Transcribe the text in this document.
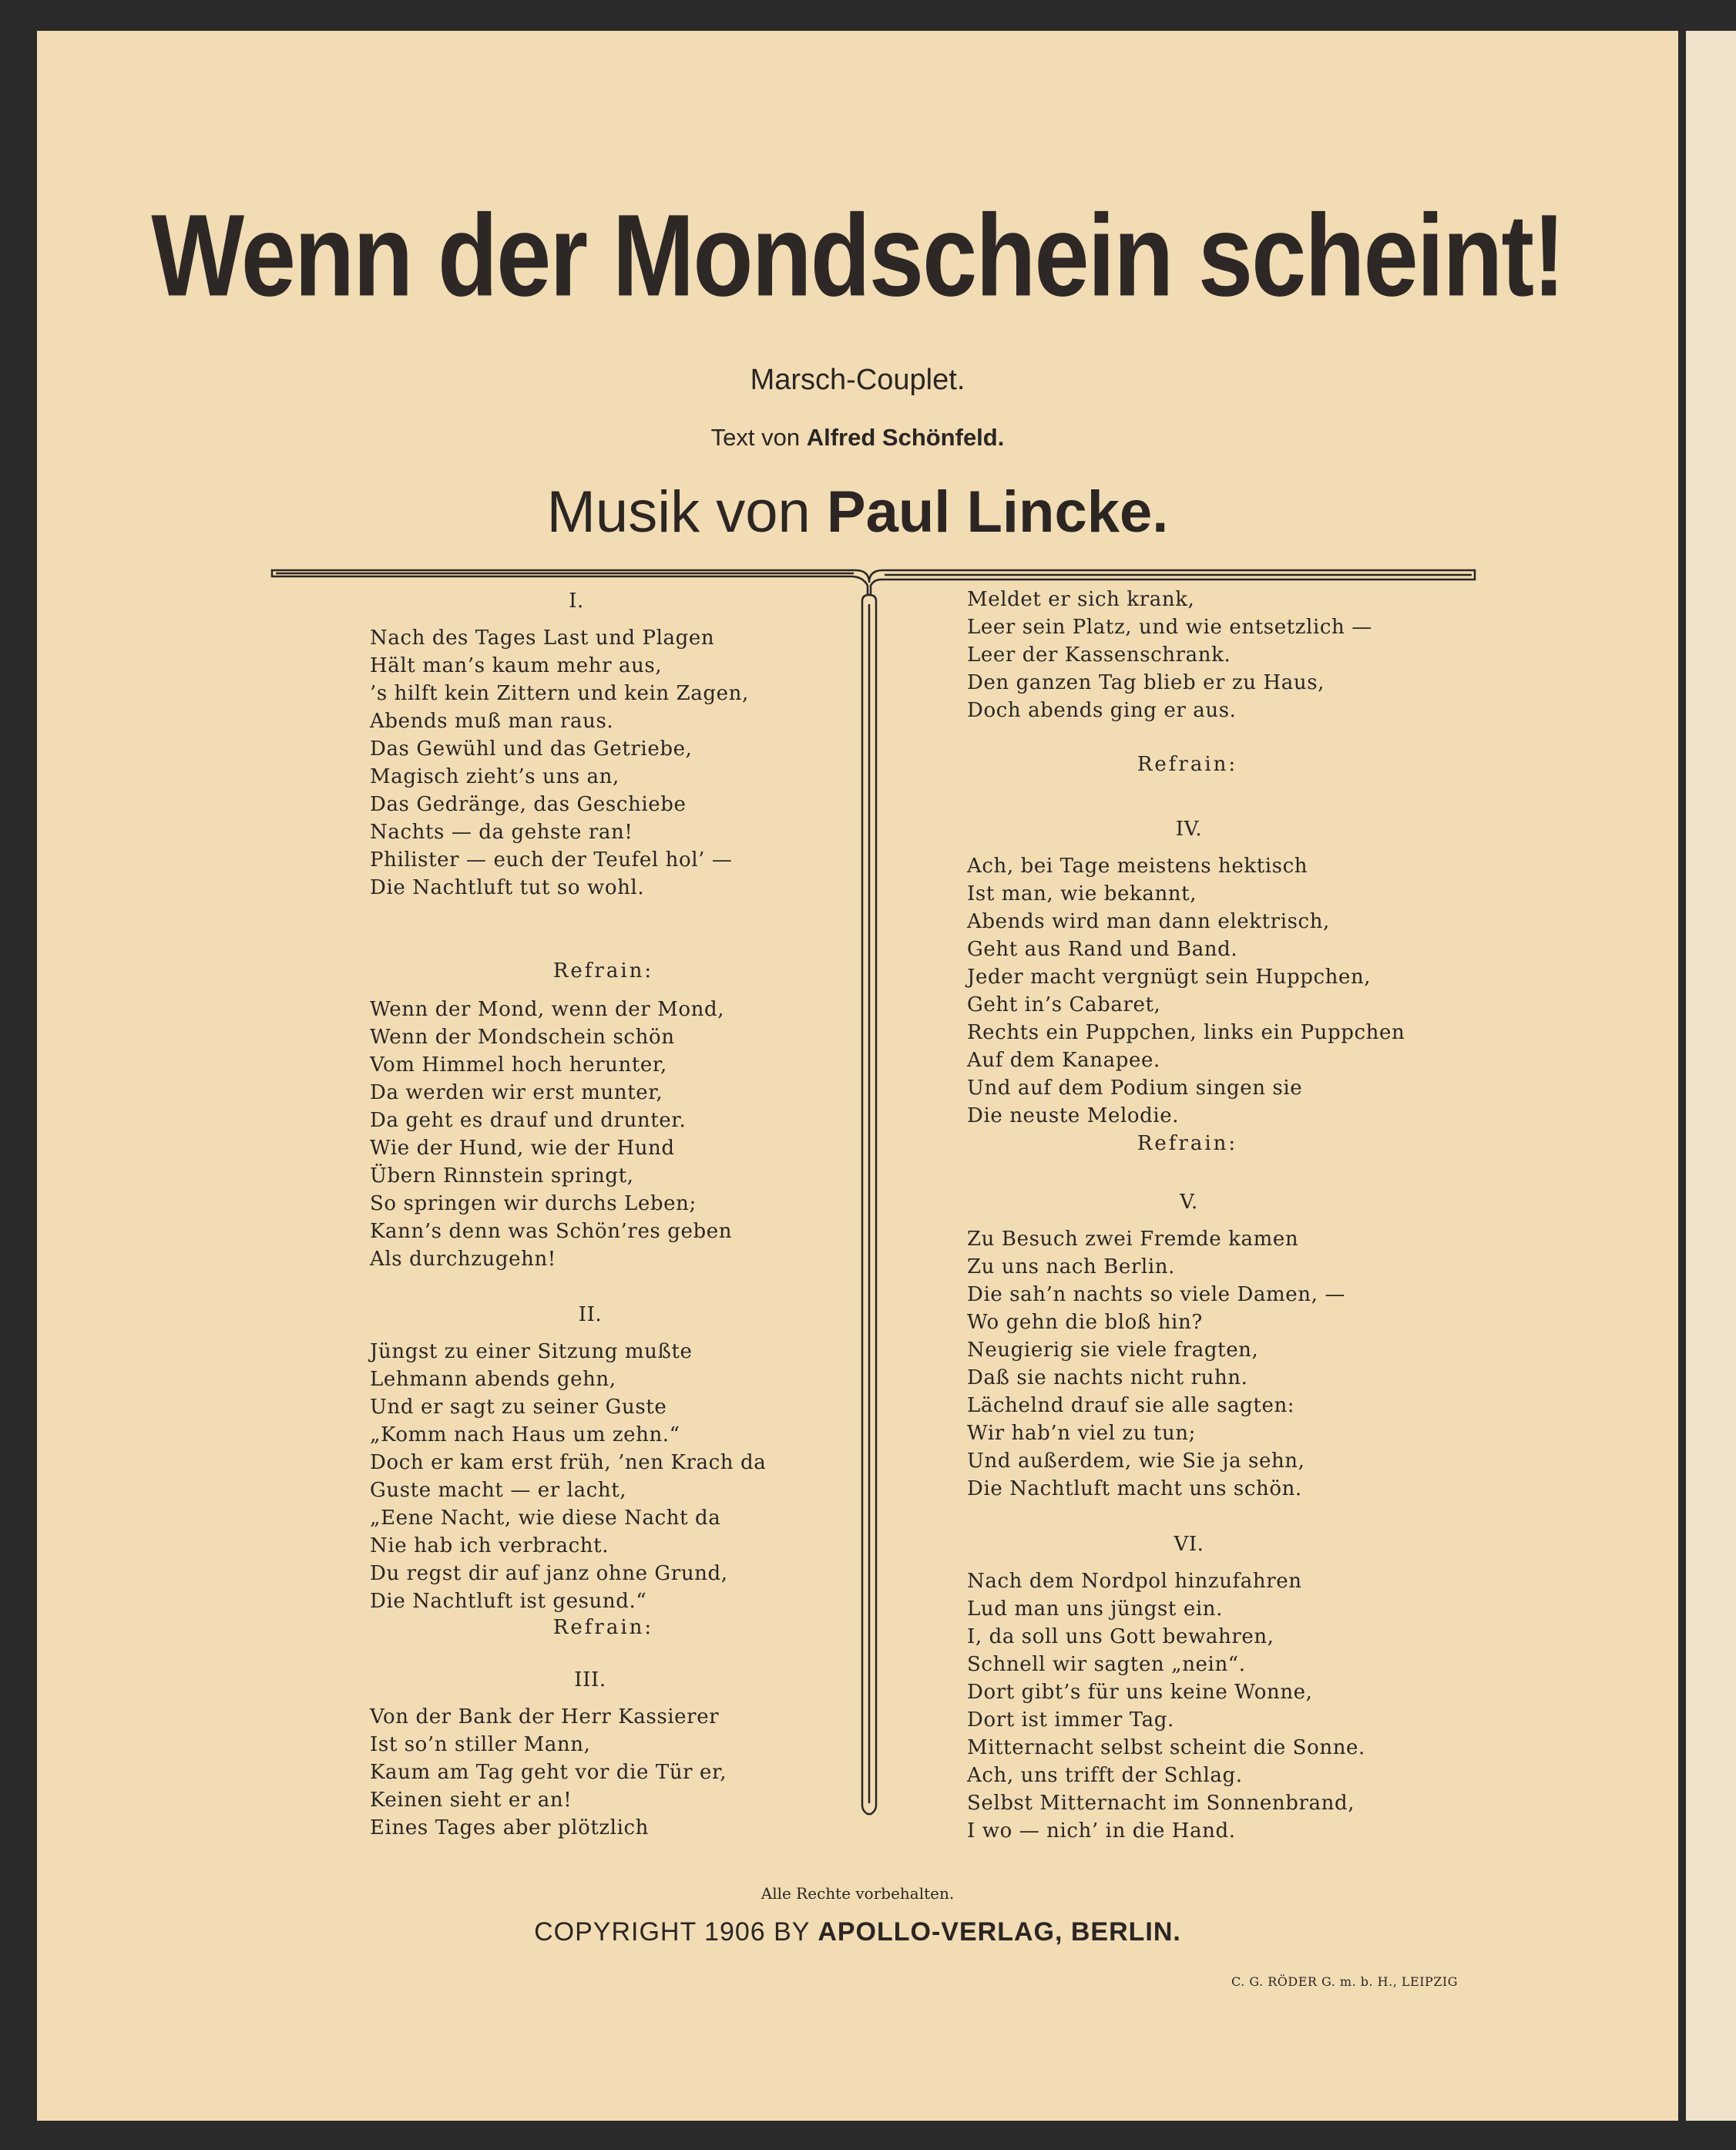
Wenn der Mondschein scheint!
Marsch-Couplet.
Text von Alfred Schönfeld.
Musik von Paul Lincke.
I.
Nach des Tages Last und Plagen
Hält man’s kaum mehr aus,
’s hilft kein Zittern und kein Zagen,
Abends muß man raus.
Das Gewühl und das Getriebe,
Magisch zieht’s uns an,
Das Gedränge, das Geschiebe
Nachts — da gehste ran!
Philister — euch der Teufel hol’ —
Die Nachtluft tut so wohl.
Refrain:
Wenn der Mond, wenn der Mond,
Wenn der Mondschein schön
Vom Himmel hoch herunter,
Da werden wir erst munter,
Da geht es drauf und drunter.
Wie der Hund, wie der Hund
Übern Rinnstein springt,
So springen wir durchs Leben;
Kann’s denn was Schön’res geben
Als durchzugehn!
II.
Jüngst zu einer Sitzung mußte
Lehmann abends gehn,
Und er sagt zu seiner Guste
„Komm nach Haus um zehn.“
Doch er kam erst früh, ’nen Krach da
Guste macht — er lacht,
„Eene Nacht, wie diese Nacht da
Nie hab ich verbracht.
Du regst dir auf janz ohne Grund,
Die Nachtluft ist gesund.“
Refrain:
III.
Von der Bank der Herr Kassierer
Ist so’n stiller Mann,
Kaum am Tag geht vor die Tür er,
Keinen sieht er an!
Eines Tages aber plötzlich
Meldet er sich krank,
Leer sein Platz, und wie entsetzlich —
Leer der Kassenschrank.
Den ganzen Tag blieb er zu Haus,
Doch abends ging er aus.
Refrain:
IV.
Ach, bei Tage meistens hektisch
Ist man, wie bekannt,
Abends wird man dann elektrisch,
Geht aus Rand und Band.
Jeder macht vergnügt sein Huppchen,
Geht in’s Cabaret,
Rechts ein Puppchen, links ein Puppchen
Auf dem Kanapee.
Und auf dem Podium singen sie
Die neuste Melodie.
Refrain:
V.
Zu Besuch zwei Fremde kamen
Zu uns nach Berlin.
Die sah’n nachts so viele Damen, —
Wo gehn die bloß hin?
Neugierig sie viele fragten,
Daß sie nachts nicht ruhn.
Lächelnd drauf sie alle sagten:
Wir hab’n viel zu tun;
Und außerdem, wie Sie ja sehn,
Die Nachtluft macht uns schön.
VI.
Nach dem Nordpol hinzufahren
Lud man uns jüngst ein.
I, da soll uns Gott bewahren,
Schnell wir sagten „nein“.
Dort gibt’s für uns keine Wonne,
Dort ist immer Tag.
Mitternacht selbst scheint die Sonne.
Ach, uns trifft der Schlag.
Selbst Mitternacht im Sonnenbrand,
I wo — nich’ in die Hand.
Alle Rechte vorbehalten.
COPYRIGHT 1906 BY APOLLO-VERLAG, BERLIN.
C. G. RÖDER G. m. b. H., LEIPZIG
